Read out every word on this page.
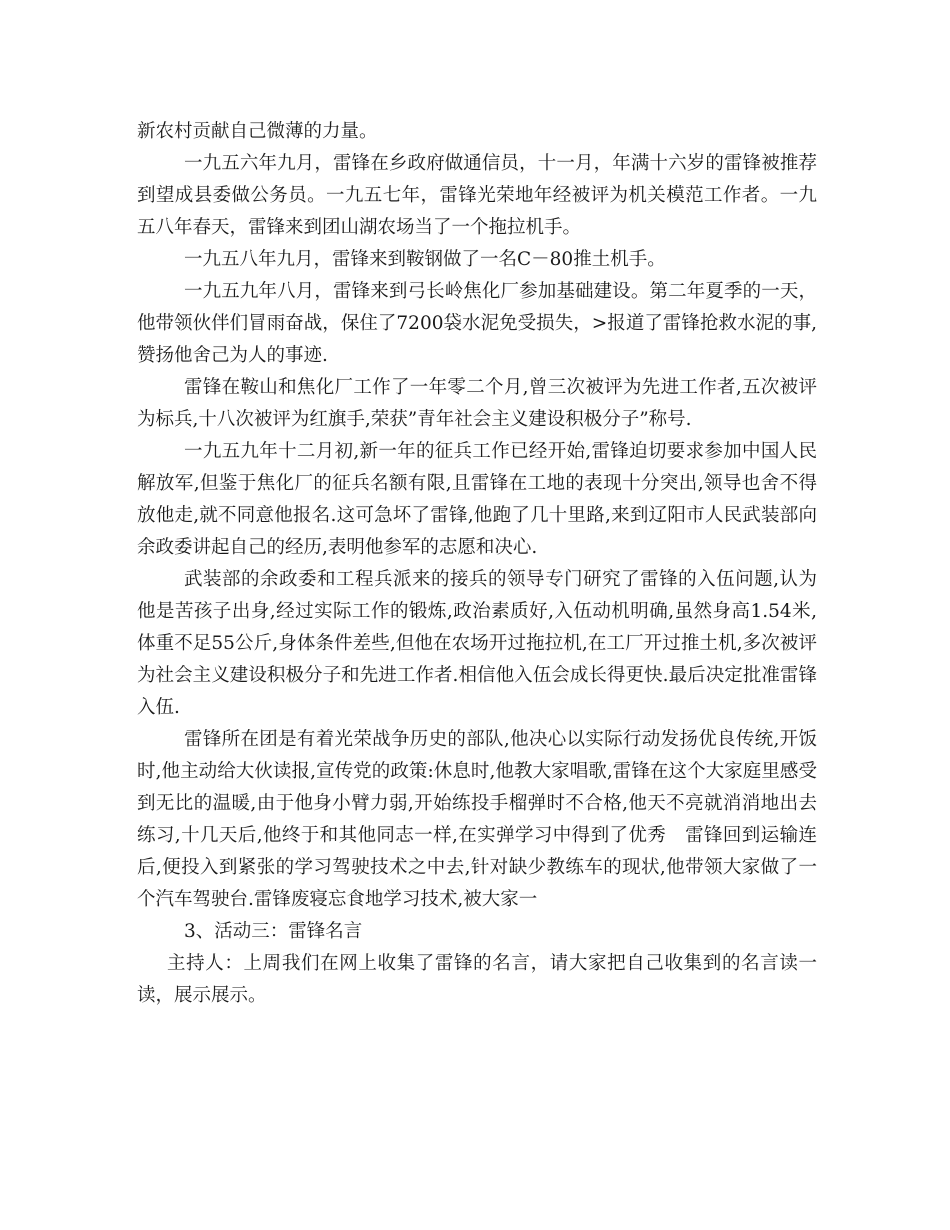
新农村贡献自己微薄的力量。

一九五六年九月，雷锋在乡政府做通信员，十一月，年满十六岁的雷锋被推荐到望成县委做公务员。一九五七年，雷锋光荣地年经被评为机关模范工作者。一九五八年春天，雷锋来到团山湖农场当了一个拖拉机手。

一九五八年九月，雷锋来到鞍钢做了一名C－80推土机手。

一九五九年八月，雷锋来到弓长岭焦化厂参加基础建设。第二年夏季的一天，他带领伙伴们冒雨奋战，保住了7200袋水泥免受损失，>报道了雷锋抢救水泥的事,赞扬他舍己为人的事迹.

雷锋在鞍山和焦化厂工作了一年零二个月,曾三次被评为先进工作者,五次被评为标兵,十八次被评为红旗手,荣获”青年社会主义建设积极分子”称号.

一九五九年十二月初,新一年的征兵工作已经开始,雷锋迫切要求参加中国人民解放军,但鉴于焦化厂的征兵名额有限,且雷锋在工地的表现十分突出,领导也舍不得放他走,就不同意他报名.这可急坏了雷锋,他跑了几十里路,来到辽阳市人民武装部向余政委讲起自己的经历,表明他参军的志愿和决心.

武装部的余政委和工程兵派来的接兵的领导专门研究了雷锋的入伍问题,认为他是苦孩子出身,经过实际工作的锻炼,政治素质好,入伍动机明确,虽然身高1.54米,体重不足55公斤,身体条件差些,但他在农场开过拖拉机,在工厂开过推土机,多次被评为社会主义建设积极分子和先进工作者.相信他入伍会成长得更快.最后决定批准雷锋入伍.

雷锋所在团是有着光荣战争历史的部队,他决心以实际行动发扬优良传统,开饭时,他主动给大伙读报,宣传党的政策:休息时,他教大家唱歌,雷锋在这个大家庭里感受到无比的温暖,由于他身小臂力弱,开始练投手榴弹时不合格,他天不亮就消消地出去练习,十几天后,他终于和其他同志一样,在实弹学习中得到了优秀　雷锋回到运输连后,便投入到紧张的学习驾驶技术之中去,针对缺少教练车的现状,他带领大家做了一个汽车驾驶台.雷锋废寝忘食地学习技术,被大家一

3、活动三：雷锋名言

主持人：上周我们在网上收集了雷锋的名言，请大家把自己收集到的名言读一读，展示展示。
